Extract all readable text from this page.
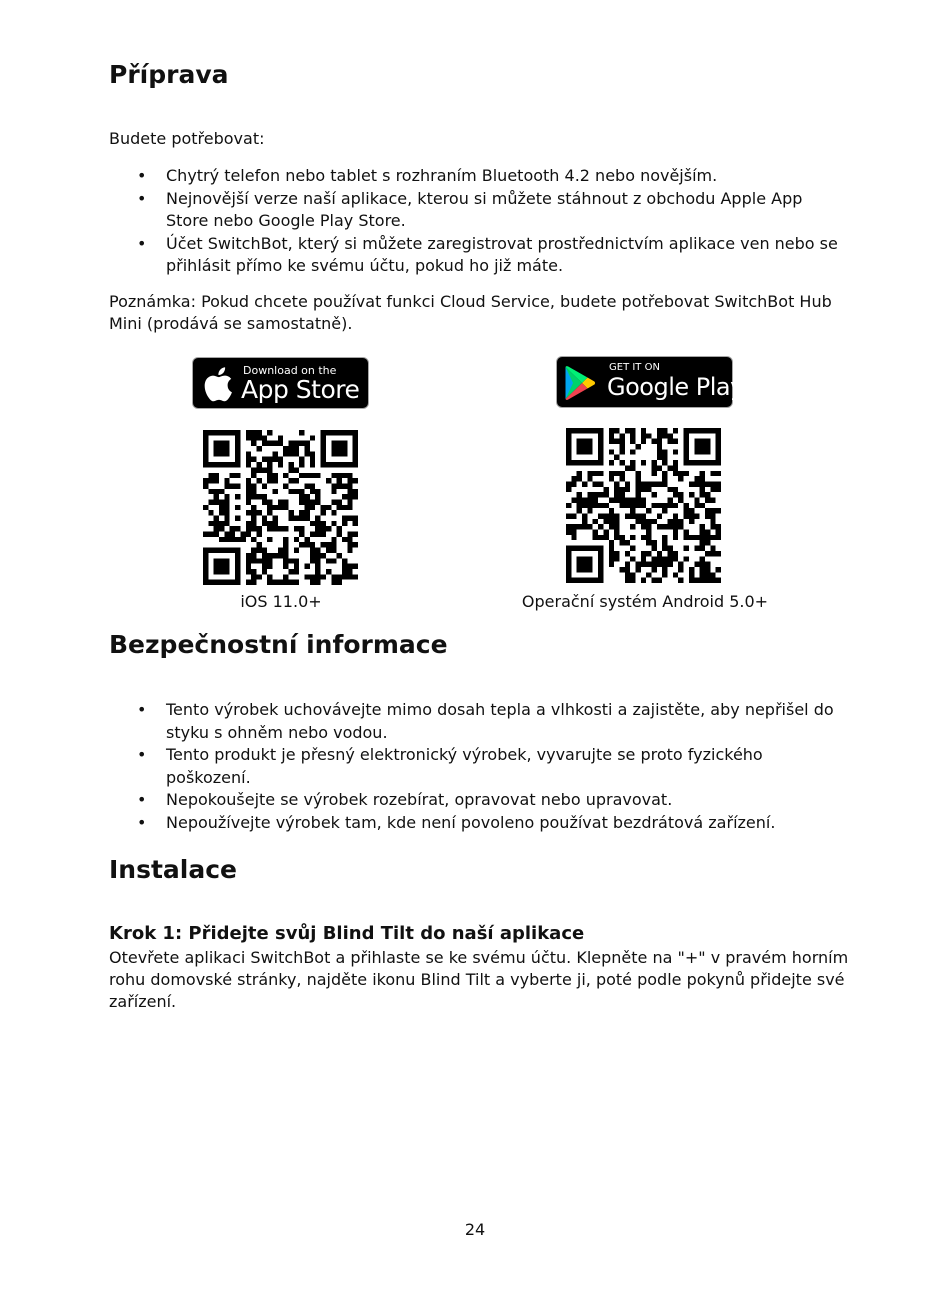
Příprava

Budete potřebovat:

• Chytrý telefon nebo tablet s rozhraním Bluetooth 4.2 nebo novějším.
• Nejnovější verze naší aplikace, kterou si můžete stáhnout z obchodu Apple App Store nebo Google Play Store.
• Účet SwitchBot, který si můžete zaregistrovat prostřednictvím aplikace ven nebo se přihlásit přímo ke svému účtu, pokud ho již máte.

Poznámka: Pokud chcete používat funkci Cloud Service, budete potřebovat SwitchBot Hub Mini (prodává se samostatně).

Download on the
App Store
GET IT ON
Google Play
iOS 11.0+	Operační systém Android 5.0+
Bezpečnostní informace
• Tento výrobek uchovávejte mimo dosah tepla a vlhkosti a zajistěte, aby nepřišel do styku s ohněm nebo vodou.
• Tento produkt je přesný elektronický výrobek, vyvarujte se proto fyzického poškození.
• Nepokoušejte se výrobek rozebírat, opravovat nebo upravovat.
• Nepoužívejte výrobek tam, kde není povoleno používat bezdrátová zařízení.
Instalace
Krok 1: Přidejte svůj Blind Tilt do naší aplikace

Otevřete aplikaci SwitchBot a přihlaste se ke svému účtu. Klepněte na "+" v pravém horním rohu domovské stránky, najděte ikonu Blind Tilt a vyberte ji, poté podle pokynů přidejte své zařízení.

24
